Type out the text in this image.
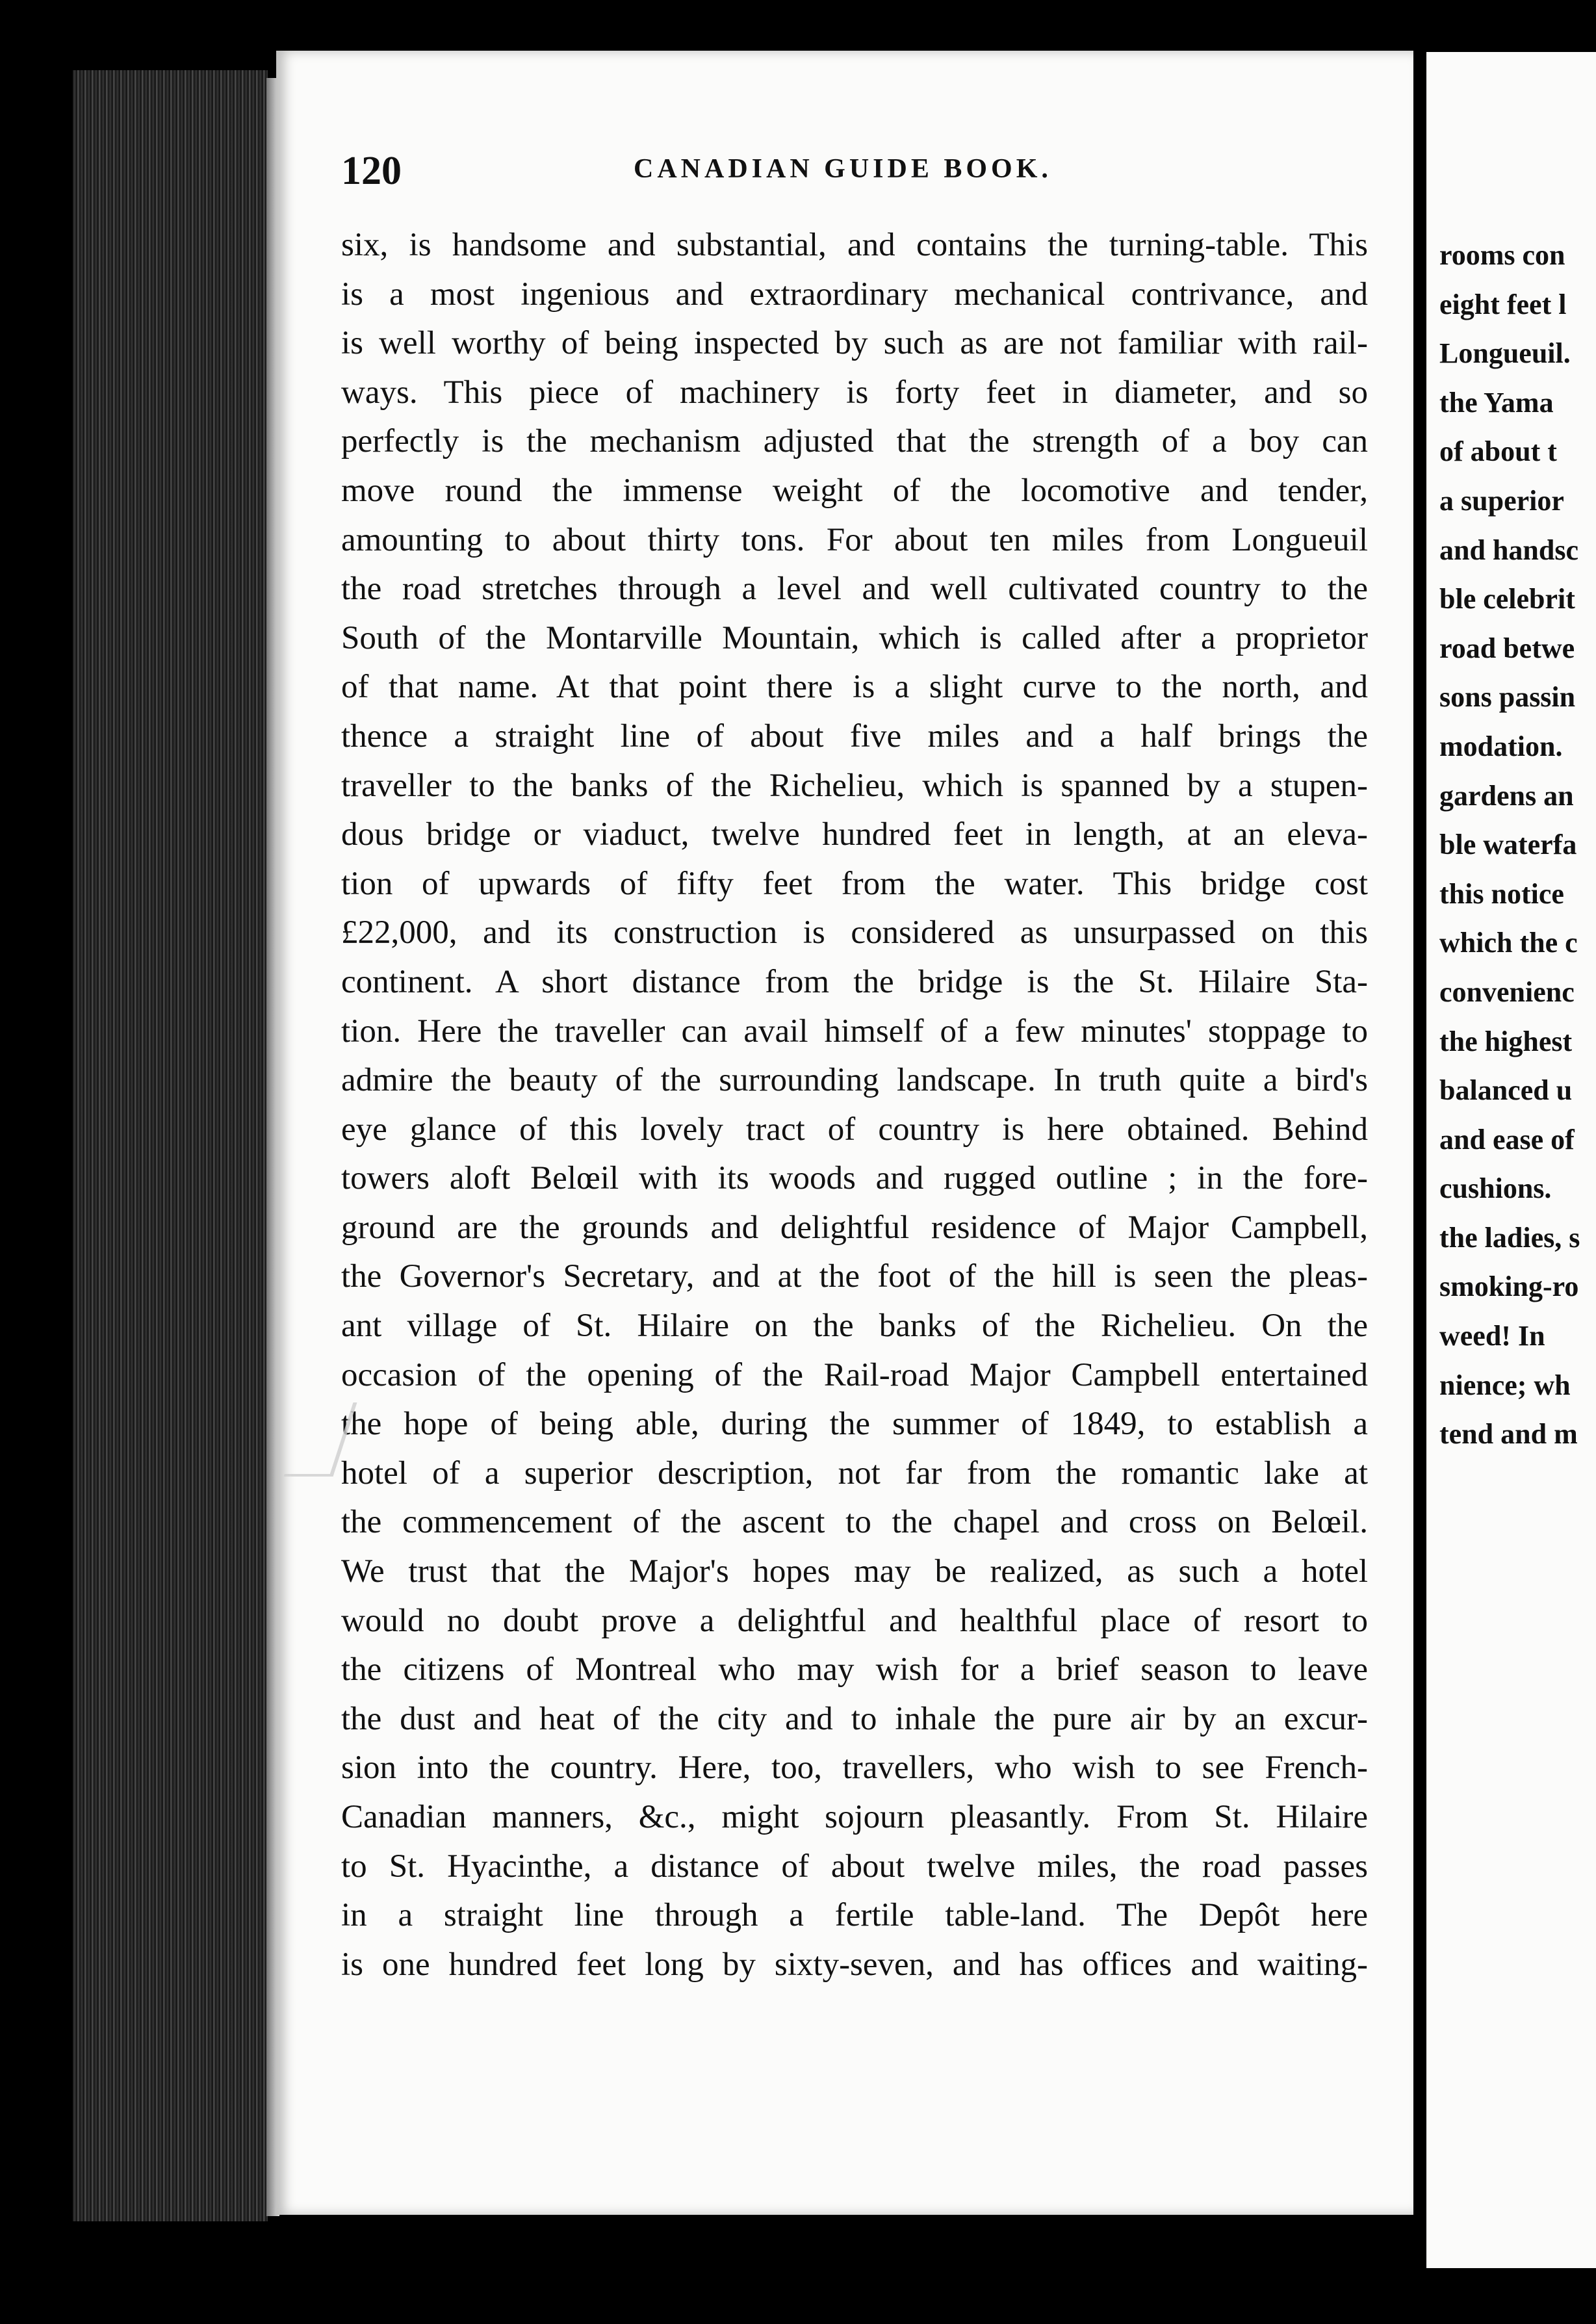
120	CANADIAN GUIDE BOOK.
six, is handsome and substantial, and contains the turning-table. This
is a most ingenious and extraordinary mechanical contrivance, and
is well worthy of being inspected by such as are not familiar with rail-
ways. This piece of machinery is forty feet in diameter, and so
perfectly is the mechanism adjusted that the strength of a boy can
move round the immense weight of the locomotive and tender,
amounting to about thirty tons. For about ten miles from Longueuil
the road stretches through a level and well cultivated country to the
South of the Montarville Mountain, which is called after a proprietor
of that name. At that point there is a slight curve to the north, and
thence a straight line of about five miles and a half brings the
traveller to the banks of the Richelieu, which is spanned by a stupen-
dous bridge or viaduct, twelve hundred feet in length, at an eleva-
tion of upwards of fifty feet from the water. This bridge cost
£22,000, and its construction is considered as unsurpassed on this
continent. A short distance from the bridge is the St. Hilaire Sta-
tion. Here the traveller can avail himself of a few minutes' stoppage to
admire the beauty of the surrounding landscape. In truth quite a bird's
eye glance of this lovely tract of country is here obtained. Behind
towers aloft Belœil with its woods and rugged outline ; in the fore-
ground are the grounds and delightful residence of Major Campbell,
the Governor's Secretary, and at the foot of the hill is seen the pleas-
ant village of St. Hilaire on the banks of the Richelieu. On the
occasion of the opening of the Rail-road Major Campbell entertained
the hope of being able, during the summer of 1849, to establish a
hotel of a superior description, not far from the romantic lake at
the commencement of the ascent to the chapel and cross on Belœil.
We trust that the Major's hopes may be realized, as such a hotel
would no doubt prove a delightful and healthful place of resort to
the citizens of Montreal who may wish for a brief season to leave
the dust and heat of the city and to inhale the pure air by an excur-
sion into the country. Here, too, travellers, who wish to see French-
Canadian manners, &c., might sojourn pleasantly. From St. Hilaire
to St. Hyacinthe, a distance of about twelve miles, the road passes
in a straight line through a fertile table-land. The Depôt here
is one hundred feet long by sixty-seven, and has offices and waiting-
rooms con
eight feet l
Longueuil.
the Yama
of about t
a superior
and handsc
ble celebrit
road betwe
sons passin
modation.
gardens an
ble waterfa
this notice
which the c
convenienc
the highest
balanced u
and ease of
cushions.
the ladies, s
smoking-ro
weed! In
nience; wh
tend and m
